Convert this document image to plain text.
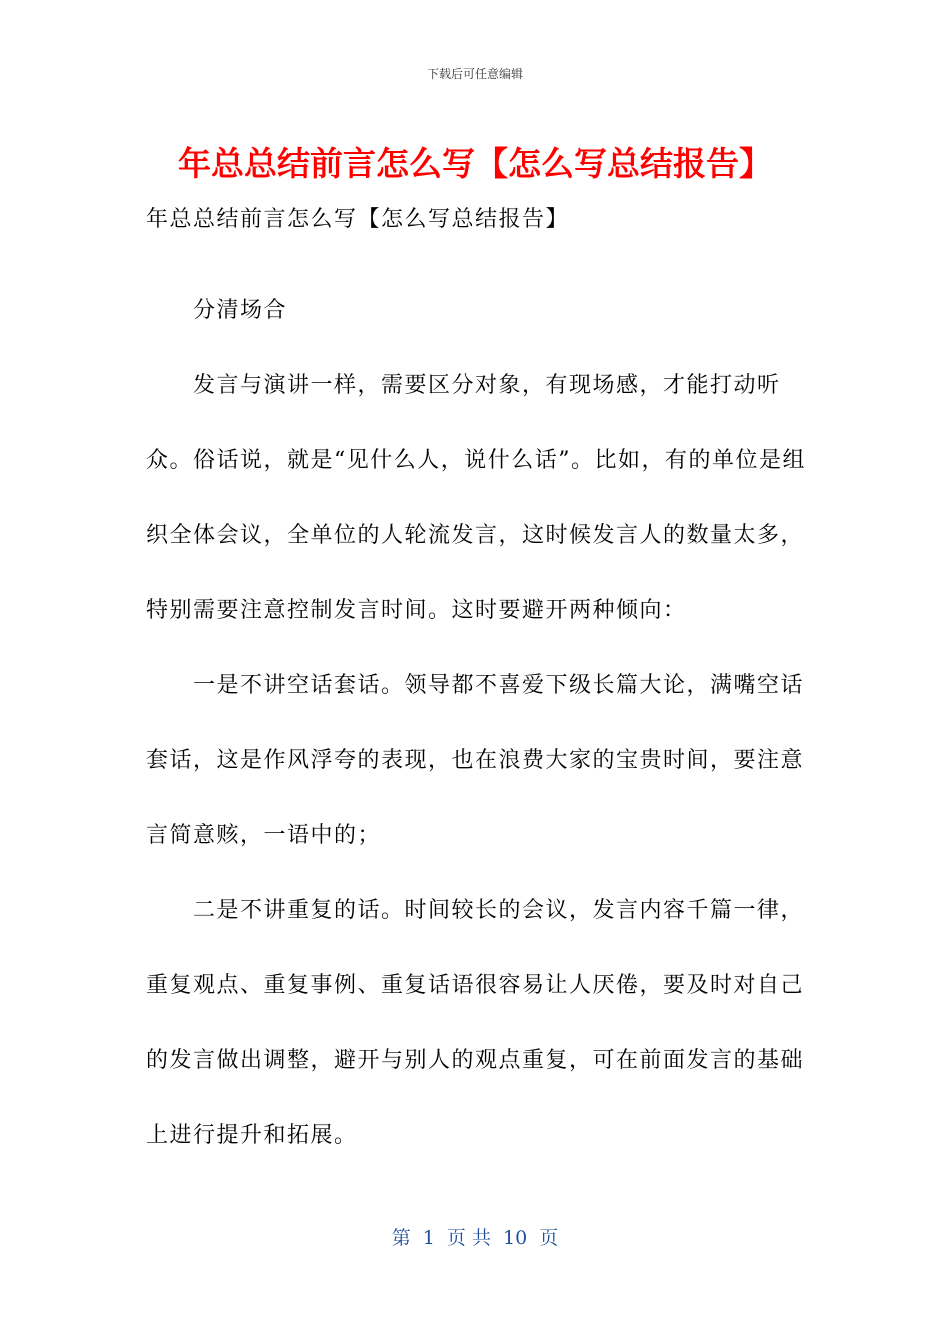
下载后可任意编辑
年总总结前言怎么写【怎么写总结报告】

年总总结前言怎么写【怎么写总结报告】

分清场合

发言与演讲一样，需要区分对象，有现场感，才能打动听众。俗话说，就是“见什么人，说什么话”。比如，有的单位是组织全体会议，全单位的人轮流发言，这时候发言人的数量太多，特别需要注意控制发言时间。这时要避开两种倾向：

一是不讲空话套话。领导都不喜爱下级长篇大论，满嘴空话套话，这是作风浮夸的表现，也在浪费大家的宝贵时间，要注意言简意赅，一语中的；

二是不讲重复的话。时间较长的会议，发言内容千篇一律，重复观点、重复事例、重复话语很容易让人厌倦，要及时对自己的发言做出调整，避开与别人的观点重复，可在前面发言的基础上进行提升和拓展。

第  1  页 共  10  页
